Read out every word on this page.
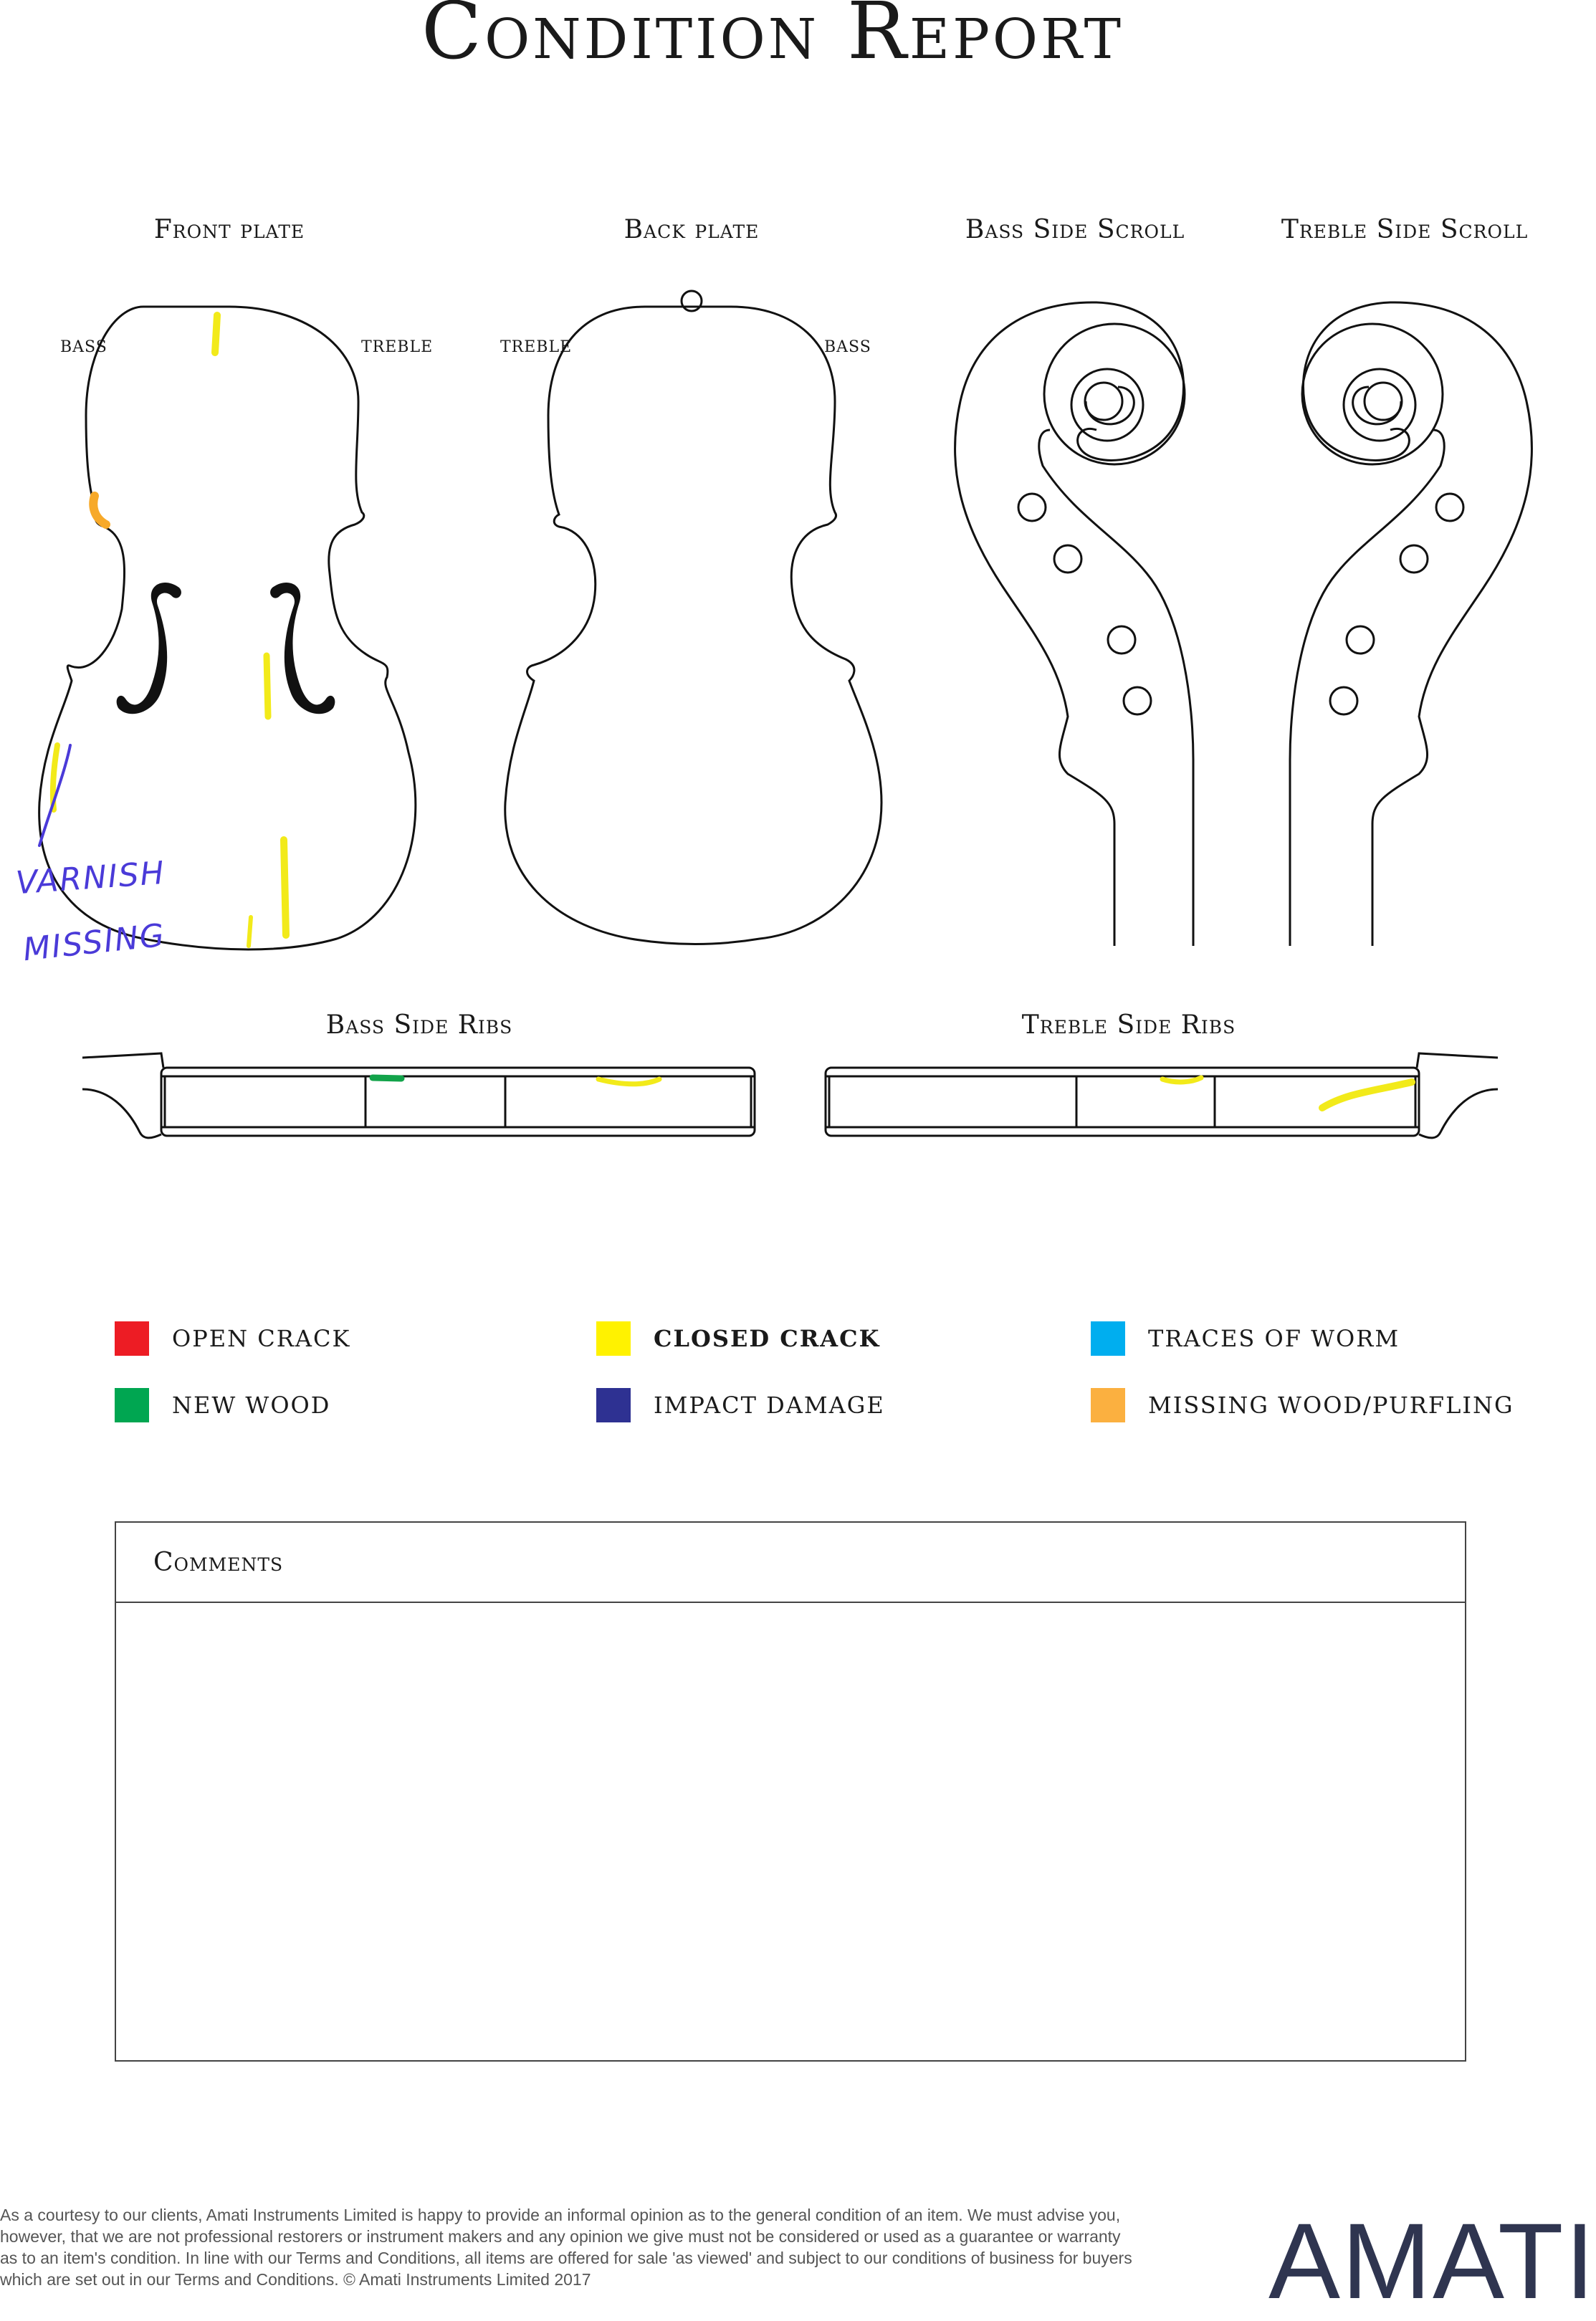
Condition Report
Front plate	Back plate	Bass Side Scroll	Treble Side Scroll
Bass Side Ribs	Treble Side Ribs
BASS	TREBLE	TREBLE	BASS
VARNISH
MISSING
OPEN CRACK	CLOSED CRACK	TRACES OF WORM
NEW WOOD	IMPACT DAMAGE	MISSING WOOD/PURFLING
Comments
As a courtesy to our clients, Amati Instruments Limited is happy to provide an informal opinion as to the general condition of an item. We must advise you, however, that we are not professional restorers or instrument makers and any opinion we give must not be considered or used as a guarantee or warranty as to an item's condition. In line with our Terms and Conditions, all items are offered for sale 'as viewed' and subject to our conditions of business for buyers which are set out in our Terms and Conditions. © Amati Instruments Limited 2017	AMATI
